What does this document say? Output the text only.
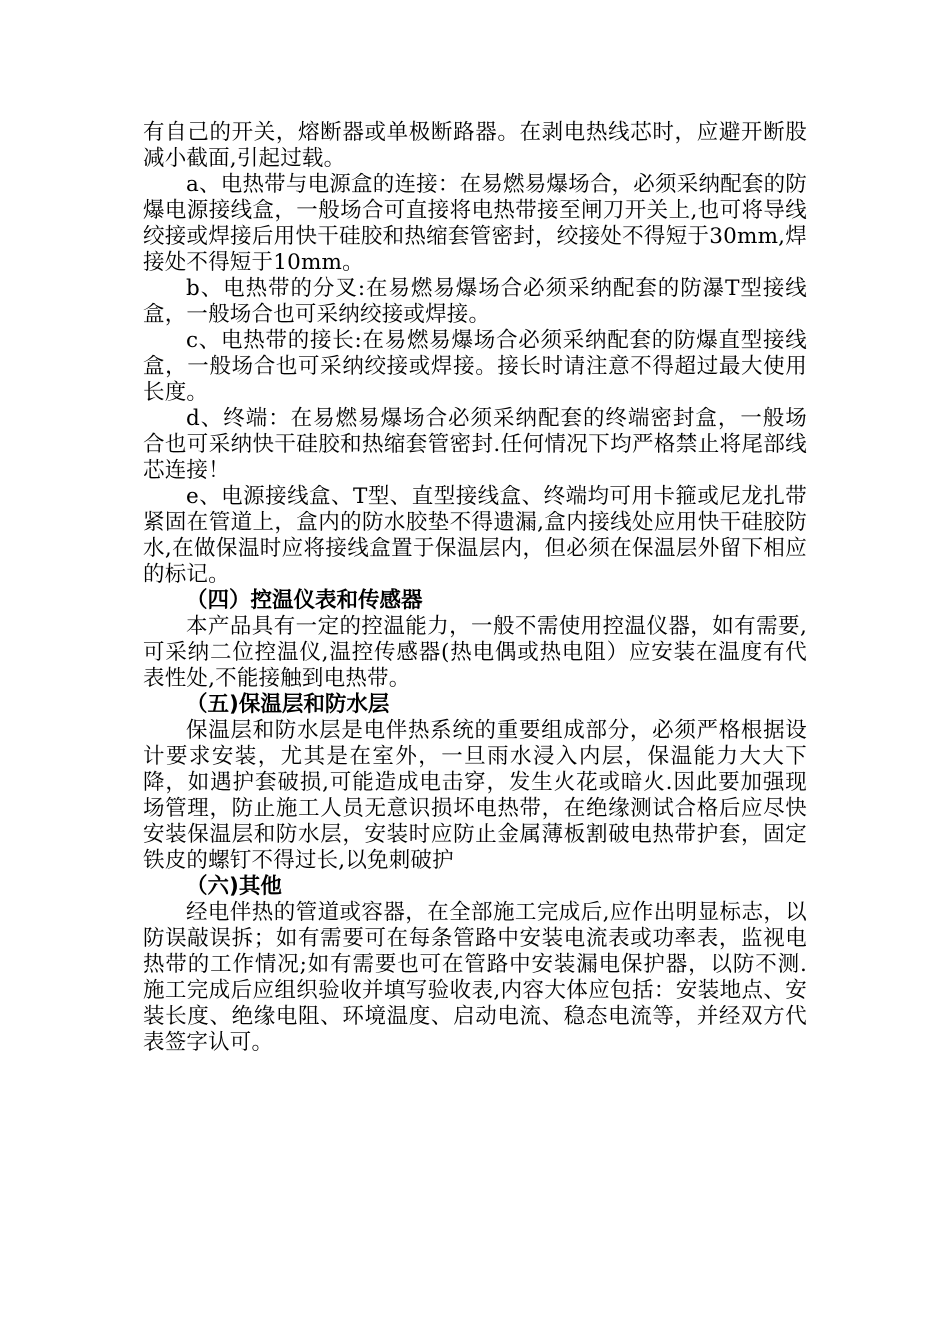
有自己的开关，熔断器或单极断路器。在剥电热线芯时，应避开断股减小截面,引起过载。

a、电热带与电源盒的连接：在易燃易爆场合，必须采纳配套的防爆电源接线盒，一般场合可直接将电热带接至闸刀开关上,也可将导线绞接或焊接后用快干硅胶和热缩套管密封，绞接处不得短于30mm,焊接处不得短于10mm。

b、电热带的分叉:在易燃易爆场合必须采纳配套的防瀑T型接线盒，一般场合也可采纳绞接或焊接。

c、电热带的接长:在易燃易爆场合必须采纳配套的防爆直型接线盒，一般场合也可采纳绞接或焊接。接长时请注意不得超过最大使用长度。

d、终端：在易燃易爆场合必须采纳配套的终端密封盒，一般场合也可采纳快干硅胶和热缩套管密封.任何情况下均严格禁止将尾部线芯连接！

e、电源接线盒、T型、直型接线盒、终端均可用卡箍或尼龙扎带紧固在管道上，盒内的防水胶垫不得遗漏,盒内接线处应用快干硅胶防水,在做保温时应将接线盒置于保温层内，但必须在保温层外留下相应的标记。

（四）控温仪表和传感器

本产品具有一定的控温能力，一般不需使用控温仪器，如有需要,可采纳二位控温仪,温控传感器(热电偶或热电阻）应安装在温度有代表性处,不能接触到电热带。

（五)保温层和防水层

保温层和防水层是电伴热系统的重要组成部分，必须严格根据设计要求安装，尤其是在室外，一旦雨水浸入内层，保温能力大大下降，如遇护套破损,可能造成电击穿，发生火花或暗火.因此要加强现场管理，防止施工人员无意识损坏电热带，在绝缘测试合格后应尽快安装保温层和防水层，安装时应防止金属薄板割破电热带护套，固定铁皮的螺钉不得过长,以免刺破护

（六)其他

经电伴热的管道或容器，在全部施工完成后,应作出明显标志，以防误敲误拆；如有需要可在每条管路中安装电流表或功率表，监视电热带的工作情况;如有需要也可在管路中安装漏电保护器，以防不测.施工完成后应组织验收并填写验收表,内容大体应包括：安装地点、安装长度、绝缘电阻、环境温度、启动电流、稳态电流等，并经双方代表签字认可。
